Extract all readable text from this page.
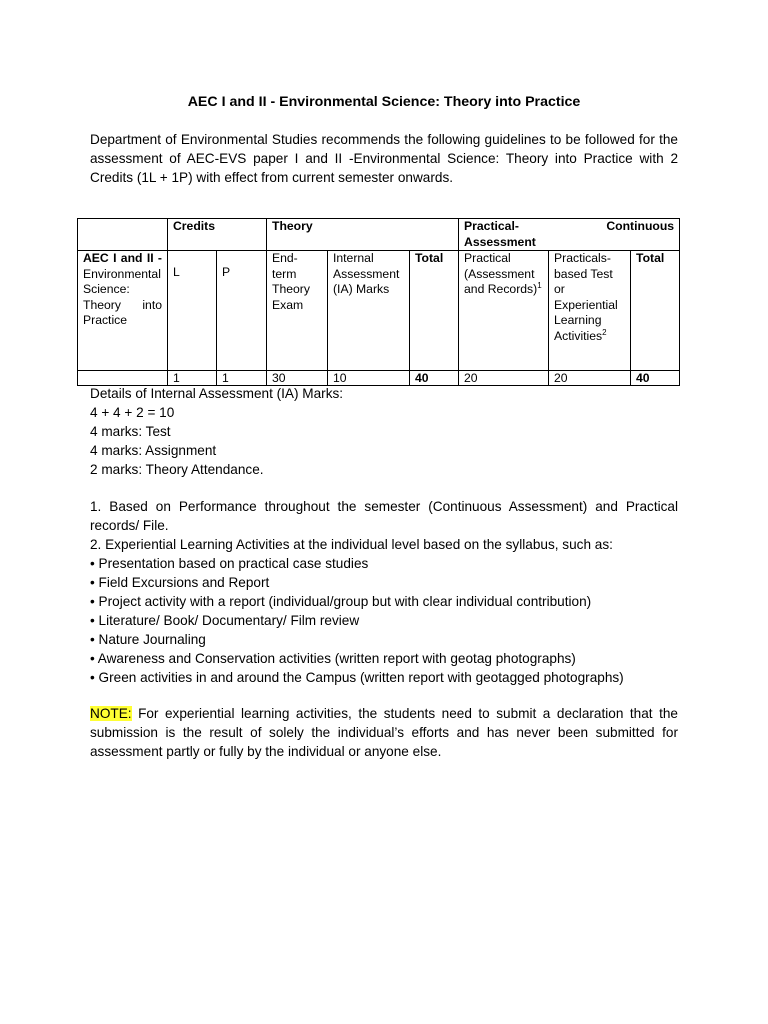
AEC I and II - Environmental Science: Theory into Practice
Department of Environmental Studies recommends the following guidelines to be followed for the assessment of AEC-EVS paper I and II -Environmental Science: Theory into Practice with 2 Credits (1L + 1P) with effect from current semester onwards.
	Credits		Theory			Practical- Continuous
Assessment		

AEC I and II - Environmental Science: Theory into Practice	L	P	End-term Theory Exam	Internal Assessment (IA) Marks	Total	Practical (Assessment and Records)$^1$	Practicals-based Test or Experiential Learning Activities$^2$	Total
	1	1	30	10	40	20	20	40
Details of Internal Assessment (IA) Marks:
4 + 4 + 2 = 10
4 marks: Test
4 marks: Assignment
2 marks: Theory Attendance.
1. Based on Performance throughout the semester (Continuous Assessment) and Practical
records/ File.
2. Experiential Learning Activities at the individual level based on the syllabus, such as:
• Presentation based on practical case studies
• Field Excursions and Report
• Project activity with a report (individual/group but with clear individual contribution)
• Literature/ Book/ Documentary/ Film review
• Nature Journaling
• Awareness and Conservation activities (written report with geotag photographs)
• Green activities in and around the Campus (written report with geotagged photographs)
NOTE: For experiential learning activities, the students need to submit a declaration that the submission is the result of solely the individual’s efforts and has never been submitted for assessment partly or fully by the individual or anyone else.
